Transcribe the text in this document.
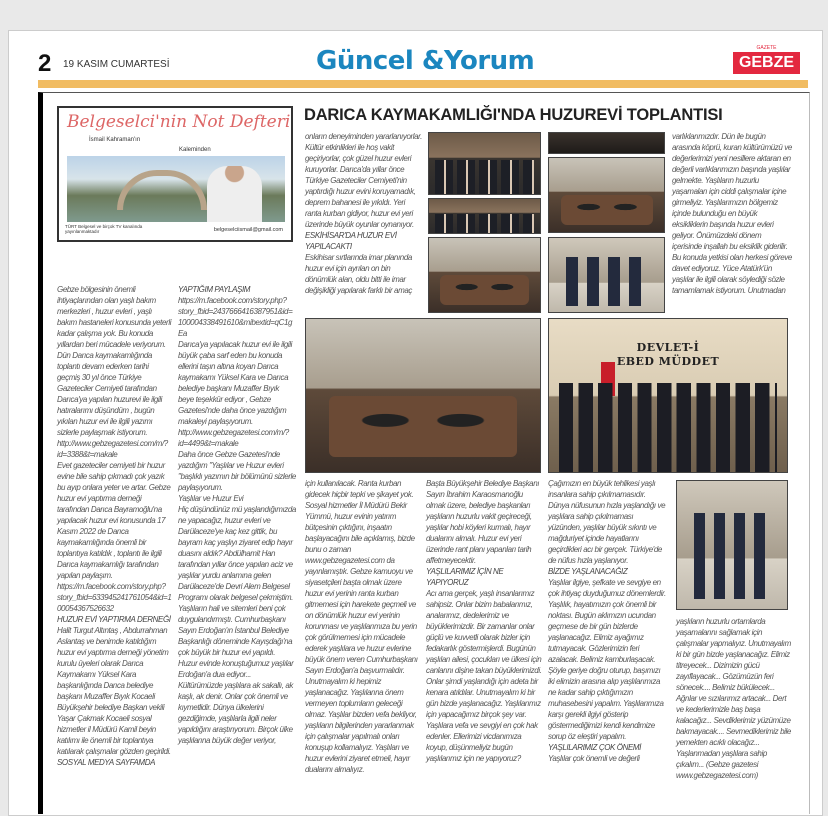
2 19 KASIM CUMARTESİ	Güncel &Yorum	GAZETE
GEBZE
Belgeselci'nin Not Defteri
İsmail Kahraman'ın
Kaleminden
TÜRT Belgesel ve birçok TV kanalında yayınlanmaktadır	belgeselciismail@gmail.com
DARICA KAYMAKAMLIĞI'NDA HUZUREVİ TOPLANTISI

Gebze bölgesinin önemli ihtiyaçlarından olan yaşlı bakım merkezleri , huzur evleri , yaşlı bakım hastaneleri konusunda yeterli kadar çalışma yok. Bu konuda yıllardan beri mücadele veriyorum. Dün Darıca kaymakamlığında toplantı devam ederken tarihi geçmiş 30 yıl önce Türkiye Gazeteciler Cemiyeti tarafından Darıca'ya yapılan huzurevi ile ilgili hatıralarımı düşündüm , bugün yıkılan huzur evi ile ilgili yazımı sizlerle paylaşmak istiyorum.

http://www.gebzegazetesi.com/m/?id=3388&t=makale

Evet gazeteciler cemiyeti bir huzur evine bile sahip çıkmadı çok yazık bu ayıp onlara yeter ve artar. Gebze huzur evi yaptırma derneği tarafından Darıca Bayramoğlu'na yapılacak huzur evi konusunda 17 Kasım 2022 de Darıca kaymakamlığında önemli bir toplantıya katıldık , toplantı ile ilgili Darıca kaymakamlığı tarafından yapılan paylaşım. https://m.facebook.com/story.php?story_fbid=633945241761054&id=100054367526632

HUZUR EVİ YAPTIRMA DERNEĞİ

Halit Turgut Altıntaş , Abdurrahman Aslantaş ve benimde katıldığım huzur evi yaptırma derneği yönetim kurulu üyeleri olarak Darıca Kaymakamı Yüksel Kara başkanlığında Darıca belediye başkanı Muzaffer Bıyık Kocaeli Büyükşehir belediye Başkan vekili Yaşar Çakmak Kocaeli sosyal hizmetler il Müdürü Kamil beyin katılımı ile önemli bir toplantıya katılarak çalışmalar gözden geçirildi.

SOSYAL MEDYA SAYFAMDA

YAPTIĞIM PAYLAŞIM

https://m.facebook.com/story.php?story_fbid=2437666416387951&id=100004338491610&mibextid=qC1gEa

Darıca'ya yapılacak huzur evi ile ilgili büyük çaba sarf eden bu konuda ellerini taşın altına koyan Darıca kaymakamı Yüksel Kara ve Darıca belediye başkanı Muzaffer Bıyık beye teşekkür ediyor , Gebze Gazetesi'nde daha önce yazdığım makaleyi paylaşıyorum.

http://www.gebzegazetesi.com/m/?id=4499&t=makale

Daha önce Gebze Gazetesi'nde yazdığım "Yaşlılar ve Huzur evleri "başlıklı yazımın bir bölümünü sizlerle paylaşıyorum.

Yaşlılar ve Huzur Evi

Hiç düşündünüz mü yaşlandığımızda ne yapacağız, huzur evleri ve Darülaceze'ye kaç kez gittik, bu bayram kaç yaşlıyı ziyaret edip hayır duasını aldık? Abdülhamit Han tarafından yıllar önce yapılan aciz ve yaşlılar yurdu anlamına gelen Darülaceze'de Devri Alem Belgesel Programı olarak belgesel çekmiştim. Yaşlıların hali ve sitemleri beni çok duygulandırmıştı. Cumhurbaşkanı Sayın Erdoğan'ın İstanbul Belediye Başkanlığı döneminde Kayışdağı'na çok büyük bir huzur evi yapıldı. Huzur evinde konuştuğumuz yaşlılar Erdoğan'a dua ediyor... Kültürümüzde yaşlılara ak sakallı, ak kaşlı, ak denir. Onlar çok önemli ve kıymetlidir. Dünya ülkelerini gezdiğimde, yaşlılarla ilgili neler yapıldığını araştırıyorum. Birçok ülke yaşlılarına büyük değer veriyor,

onların deneyiminden yararlanıyorlar. Kültür etkinlikleri ile hoş vakit geçiriyorlar, çok güzel huzur evleri kuruyorlar. Darıca'da yıllar önce Türkiye Gazeteciler Cemiyeti'nin yaptırdığı huzur evini koruyamadık, deprem bahanesi ile yıkıldı. Yeri ranta kurban gidiyor, huzur evi yeri üzerinde büyük oyunlar oynanıyor.

ESKİHİSAR'DA HUZUR EVİ YAPILACAKTI

Eskihisar sırtlarında imar planında huzur evi için ayrılan on bin dönümlük alan, oldu bitti ile imar değişikliği yapılarak farklı bir amaç

varlıklarımızdır. Dün ile bugün arasında köprü, kuran kültürümüzü ve değerlerimizi yeni nesillere aktaran en değerli varlıklarımızın başında yaşlılar gelmekte. Yaşlıların huzurlu yaşamaları için ciddi çalışmalar içine girmeliyiz. Yaşlılarımızın bölgemiz içinde bulunduğu en büyük eksikliklerin başında huzur evleri geliyor. Önümüzdeki dönem içerisinde inşallah bu eksiklik giderilir. Bu konuda yetkisi olan herkesi göreve davet ediyoruz. Yüce Atatürk'ün yaşlılar ile ilgili olarak söylediği sözle tamamlamak istiyorum. Unutmadan

için kullanılacak. Ranta kurban gidecek hiçbir tepki ve şikayet yok. Sosyal hizmetler İl Müdürü Bekir Yümmü, huzur evinin yatırım bütçesinin çıktığını, inşaatın başlayacağını bile açıklamış, bizde bunu o zaman www.gebzegazetesi.com da yayınlamıştık. Gebze kamuoyu ve siyasetçileri başta olmak üzere huzur evi yerinin ranta kurban gitmemesi için harekete geçmeli ve on dönümlük huzur evi yerinin korunması ve yaşlılarımıza bu yerin çok görülmemesi için mücadele ederek yaşlılara ve huzur evlerine büyük önem veren Cumhurbaşkanı Sayın Erdoğan'a başvurmalıdır. Unutmayalım ki hepimiz yaşlanacağız. Yaşlılarına önem vermeyen toplumların geleceği olmaz. Yaşlılar bizden vefa bekliyor, yaşlıların bilgilerinden yararlanmak için çalışmalar yapılmalı onları konuşup kollamalıyız. Yaşlıları ve huzur evlerini ziyaret etmeli, hayır dualarını almalıyız.

Başta Büyükşehir Belediye Başkanı Sayın İbrahim Karaosmanoğlu olmak üzere, belediye başkanları yaşlıların huzurlu vakit geçireceği, yaşlılar hobi köyleri kurmalı, hayır dualarını almalı. Huzur evi yeri üzerinde rant planı yapanları tarih affetmeyecektir.

YAŞLILARIMIZ İÇİN NE YAPIYORUZ

Acı ama gerçek, yaşlı insanlarımız sahipsiz. Onlar bizim babalarımız, analarımız, dedelerimiz ve büyüklerimizdir. Bir zamanlar onlar güçlü ve kuvvetli olarak bizler için fedakarlık göstermişlerdi. Bugünün yaşlıları ailesi, çocukları ve ülkesi için canlarını dişine takan büyüklerimizdi. Onlar şimdi yaşlandığı için adeta bir kenara atıldılar. Unutmayalım ki bir gün bizde yaşlanacağız. Yaşlılarımız için yapacağımız birçok şey var. Yaşlılara vefa ve sevgiyi en çok hak edenler. Ellerimizi vicdanımıza koyup, düşünmeliyiz bugün yaşlılarımız için ne yapıyoruz?

Çağımızın en büyük tehlikesi yaşlı insanlara sahip çıkılmamasıdır. Dünya nüfusunun hızla yaşlandığı ve yaşlılara sahip çıkılmaması yüzünden, yaşlılar büyük sıkıntı ve mağduriyet içinde hayatlarını geçirdikleri acı bir gerçek. Türkiye'de de nüfus hızla yaşlanıyor.

BİZDE YAŞLANACAĞIZ

Yaşlılar ilgiye, şefkate ve sevgiye en çok ihtiyaç duyduğumuz dönemlerdir. Yaşlılık, hayatımızın çok önemli bir noktası. Bugün aklımızın ucundan geçmese de bir gün bizlerde yaşlanacağız. Elimiz ayağımız tutmayacak. Gözlerimizin feri azalacak. Belimiz kamburlaşacak. Şöyle geriye doğru oturup, başımızı iki elimizin arasına alıp yaşlılarımıza ne kadar sahip çıktığımızın muhasebesini yapalım. Yaşlılarımıza karşı gerekli ilgiyi gösterip göstermediğimizi kendi kendimize sorup öz eleştiri yapalım.

YAŞLILARIMIZ ÇOK ÖNEMİ

Yaşlılar çok önemli ve değerli

yaşlıların huzurlu ortamlarda yaşamalarını sağlamak için çalışmalar yapmalıyız. Unutmayalım ki bir gün bizde yaşlanacağız. Elimiz titreyecek... Dizimizin gücü zayıflayacak... Gözümüzün feri sönecek.... Belimiz bükülecek... Ağrılar ve sızılarımız artacak... Dert ve kederlerimizle baş başa kalacağız... Sevdiklerimiz yüzümüze bakmayacak.... Sevmediklerimiz bile yemekten acıklı olacağız... Yaşlanmadan yaşlılara sahip çıkalım... (Gebze gazetesi www.gebzegazetesi.com)

DEVLET-İ
EBED MÜDDET
